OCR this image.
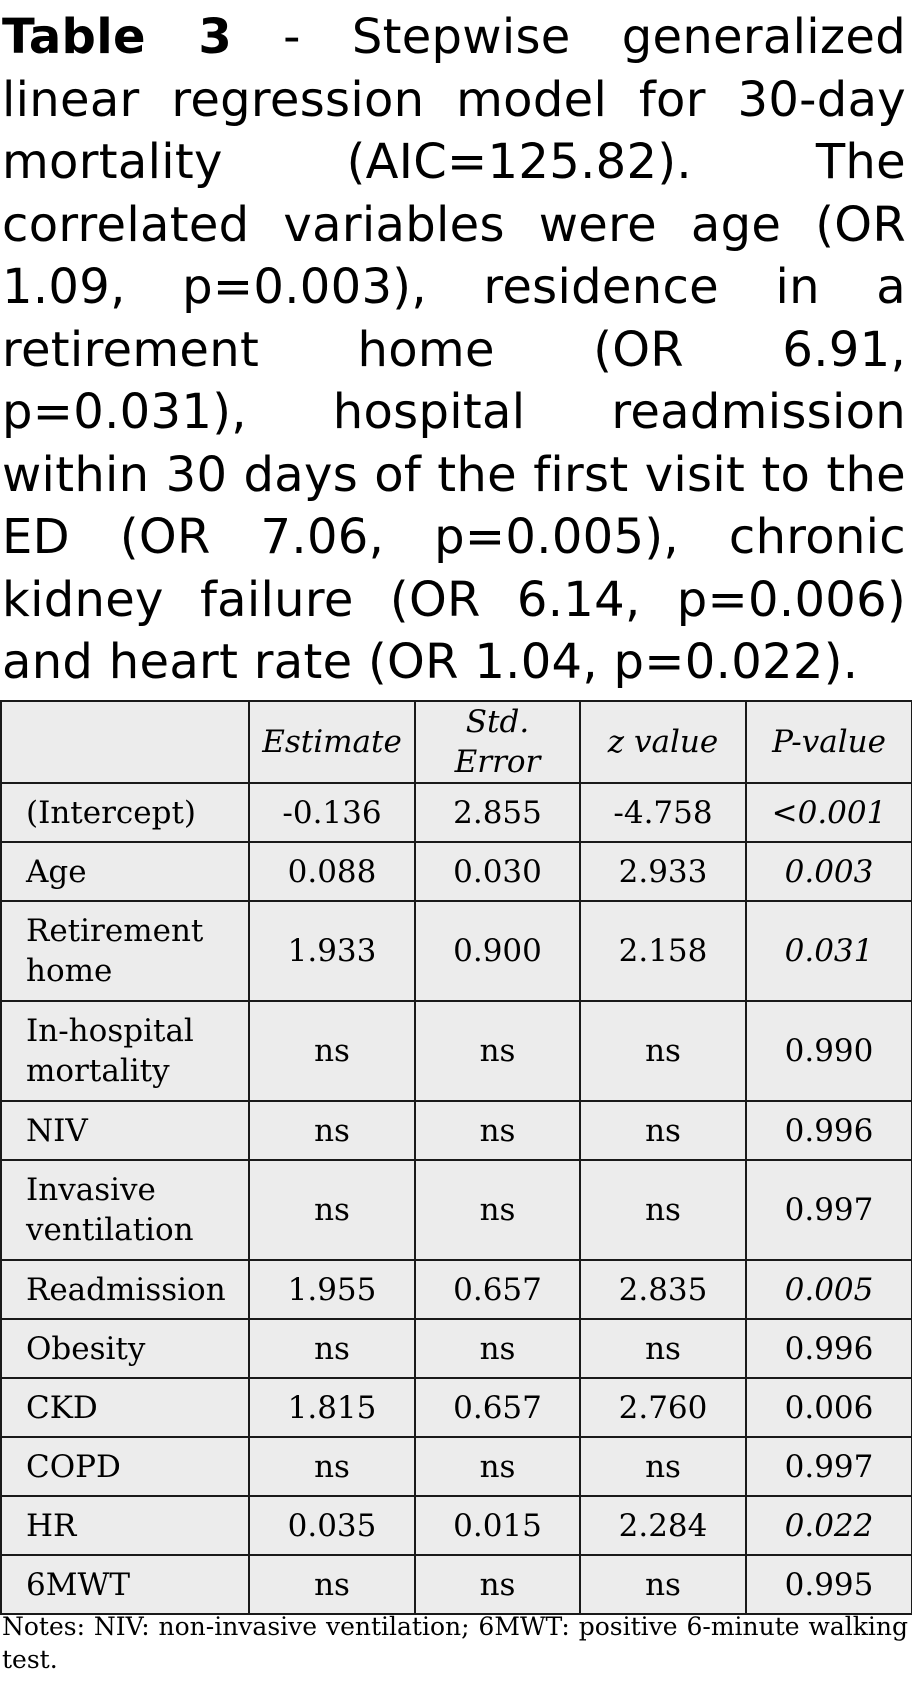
Table 3 - Stepwise generalized linear regression model for 30-day mortality (AIC=125.82). The correlated variables were age (OR 1.09, p=0.003), residence in a retirement home (OR 6.91, p=0.031), hospital readmission within 30 days of the first visit to the ED (OR 7.06, p=0.005), chronic kidney failure (OR 6.14, p=0.006) and heart rate (OR 1.04, p=0.022).

	Estimate	Std. Error	z value	P-value
(Intercept)	-0.136	2.855	-4.758	<0.001
Age	0.088	0.030	2.933	0.003
Retirement home	1.933	0.900	2.158	0.031
In-hospital mortality	ns	ns	ns	0.990
NIV	ns	ns	ns	0.996
Invasive ventilation	ns	ns	ns	0.997
Readmission	1.955	0.657	2.835	0.005
Obesity	ns	ns	ns	0.996
CKD	1.815	0.657	2.760	0.006
COPD	ns	ns	ns	0.997
HR	0.035	0.015	2.284	0.022
6MWT	ns	ns	ns	0.995

Notes: NIV: non-invasive ventilation; 6MWT: positive 6-minute walking test.
